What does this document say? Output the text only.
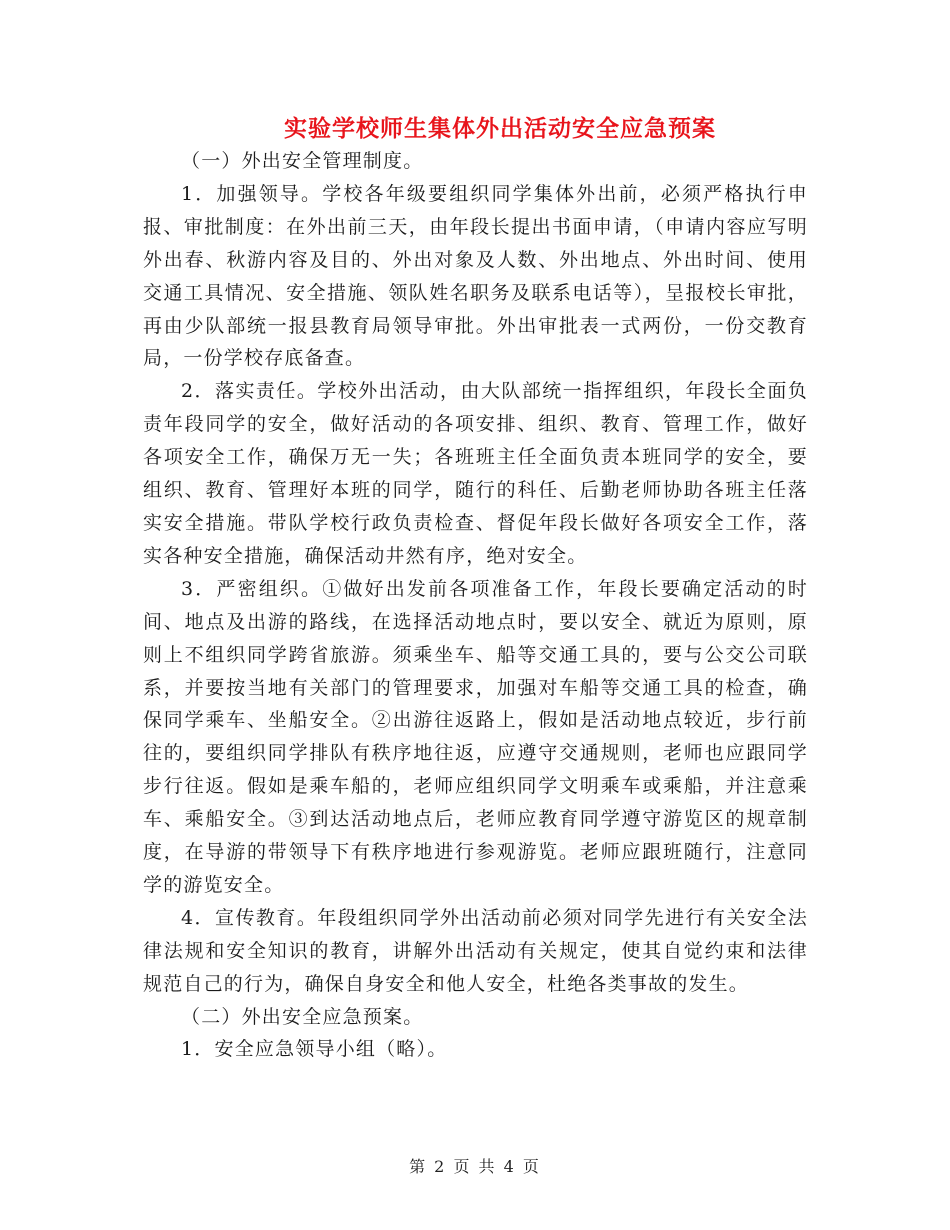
实验学校师生集体外出活动安全应急预案

（一）外出安全管理制度。

1．加强领导。学校各年级要组织同学集体外出前，必须严格执行申报、审批制度：在外出前三天，由年段长提出书面申请，（申请内容应写明外出春、秋游内容及目的、外出对象及人数、外出地点、外出时间、使用交通工具情况、安全措施、领队姓名职务及联系电话等），呈报校长审批，再由少队部统一报县教育局领导审批。外出审批表一式两份，一份交教育局，一份学校存底备查。

2．落实责任。学校外出活动，由大队部统一指挥组织，年段长全面负责年段同学的安全，做好活动的各项安排、组织、教育、管理工作，做好各项安全工作，确保万无一失；各班班主任全面负责本班同学的安全，要组织、教育、管理好本班的同学，随行的科任、后勤老师协助各班主任落实安全措施。带队学校行政负责检查、督促年段长做好各项安全工作，落实各种安全措施，确保活动井然有序，绝对安全。

3．严密组织。①做好出发前各项准备工作，年段长要确定活动的时间、地点及出游的路线，在选择活动地点时，要以安全、就近为原则，原则上不组织同学跨省旅游。须乘坐车、船等交通工具的，要与公交公司联系，并要按当地有关部门的管理要求，加强对车船等交通工具的检查，确保同学乘车、坐船安全。②出游往返路上，假如是活动地点较近，步行前往的，要组织同学排队有秩序地往返，应遵守交通规则，老师也应跟同学步行往返。假如是乘车船的，老师应组织同学文明乘车或乘船，并注意乘车、乘船安全。③到达活动地点后，老师应教育同学遵守游览区的规章制度，在导游的带领导下有秩序地进行参观游览。老师应跟班随行，注意同学的游览安全。

4．宣传教育。年段组织同学外出活动前必须对同学先进行有关安全法律法规和安全知识的教育，讲解外出活动有关规定，使其自觉约束和法律规范自己的行为，确保自身安全和他人安全，杜绝各类事故的发生。

（二）外出安全应急预案。

1．安全应急领导小组（略）。

第 2 页 共 4 页
